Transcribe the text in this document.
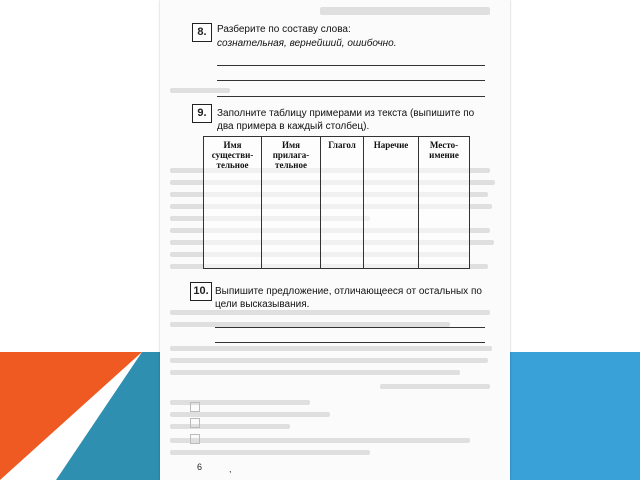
8.	Разберите по составу слова:
сознательная, вернейший, ошибочно.
9.	Заполните таблицу примерами из текста (выпишите по
два примера в каждый столбец).
Имя существи-тельное	Имя прилага-тельное	Глагол	Наречие	Место-имение
10. Выпишите предложение, отличающееся от остальных по
цели высказывания.
6	,
